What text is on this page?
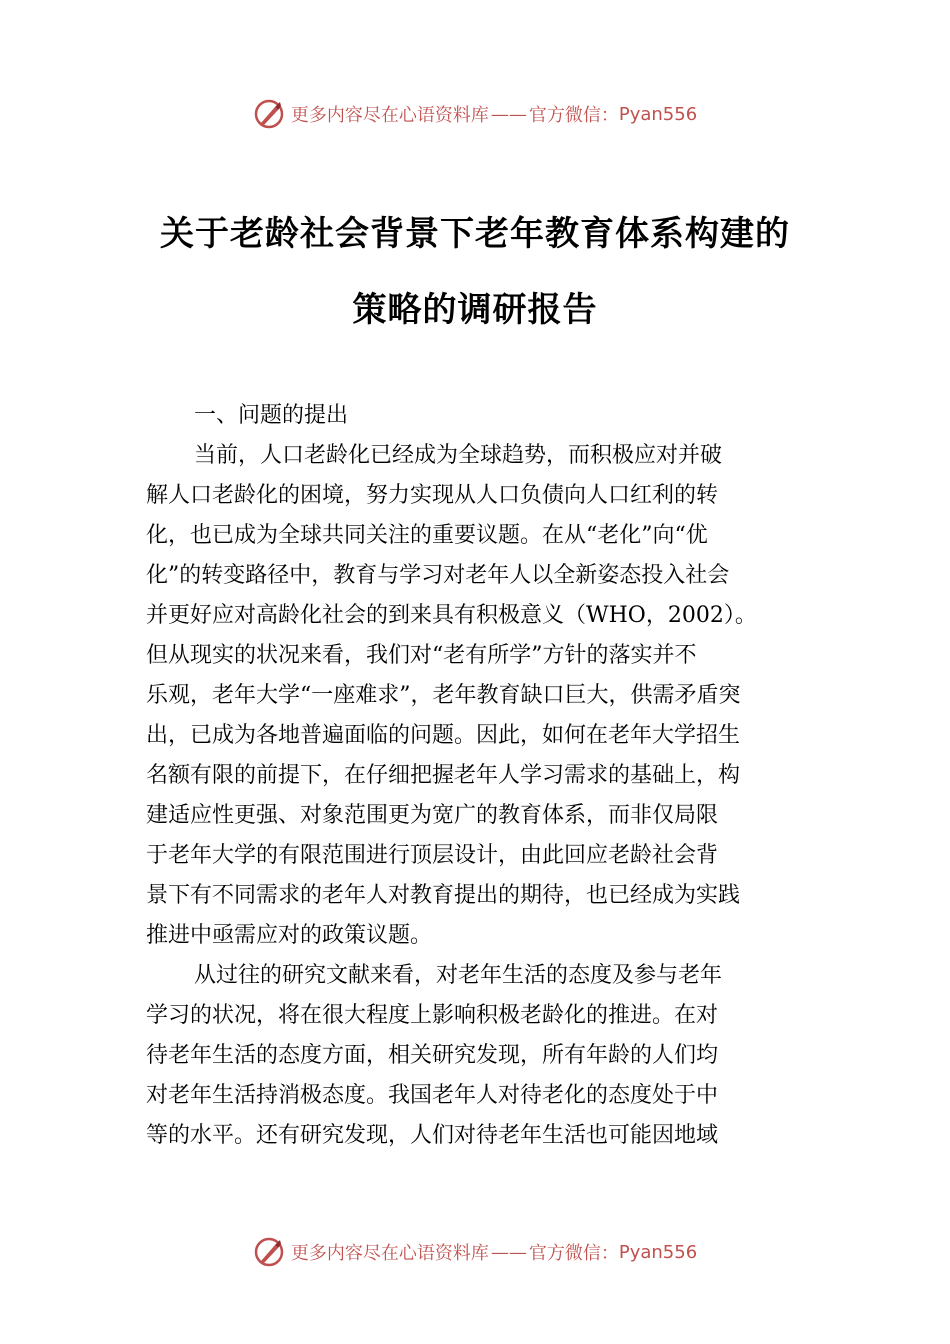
更多内容尽在心语资料库 —— 官方微信： Pyan556
关于老龄社会背景下老年教育体系构建的
策略的调研报告
一、问题的提出
当前，人口老龄化已经成为全球趋势，而积极应对并破
解人口老龄化的困境，努力实现从人口负债向人口红利的转
化，也已成为全球共同关注的重要议题。在从“老化”向“优
化”的转变路径中，教育与学习对老年人以全新姿态投入社会
并更好应对高龄化社会的到来具有积极意义（WHO，2002）。
但从现实的状况来看，我们对“老有所学”方针的落实并不
乐观，老年大学“一座难求”，老年教育缺口巨大，供需矛盾突
出，已成为各地普遍面临的问题。因此，如何在老年大学招生
名额有限的前提下，在仔细把握老年人学习需求的基础上，构
建适应性更强、对象范围更为宽广的教育体系，而非仅局限
于老年大学的有限范围进行顶层设计，由此回应老龄社会背
景下有不同需求的老年人对教育提出的期待，也已经成为实践
推进中亟需应对的政策议题。
从过往的研究文献来看，对老年生活的态度及参与老年
学习的状况，将在很大程度上影响积极老龄化的推进。在对
待老年生活的态度方面，相关研究发现，所有年龄的人们均
对老年生活持消极态度。我国老年人对待老化的态度处于中
等的水平。还有研究发现，人们对待老年生活也可能因地域
更多内容尽在心语资料库 —— 官方微信： Pyan556
